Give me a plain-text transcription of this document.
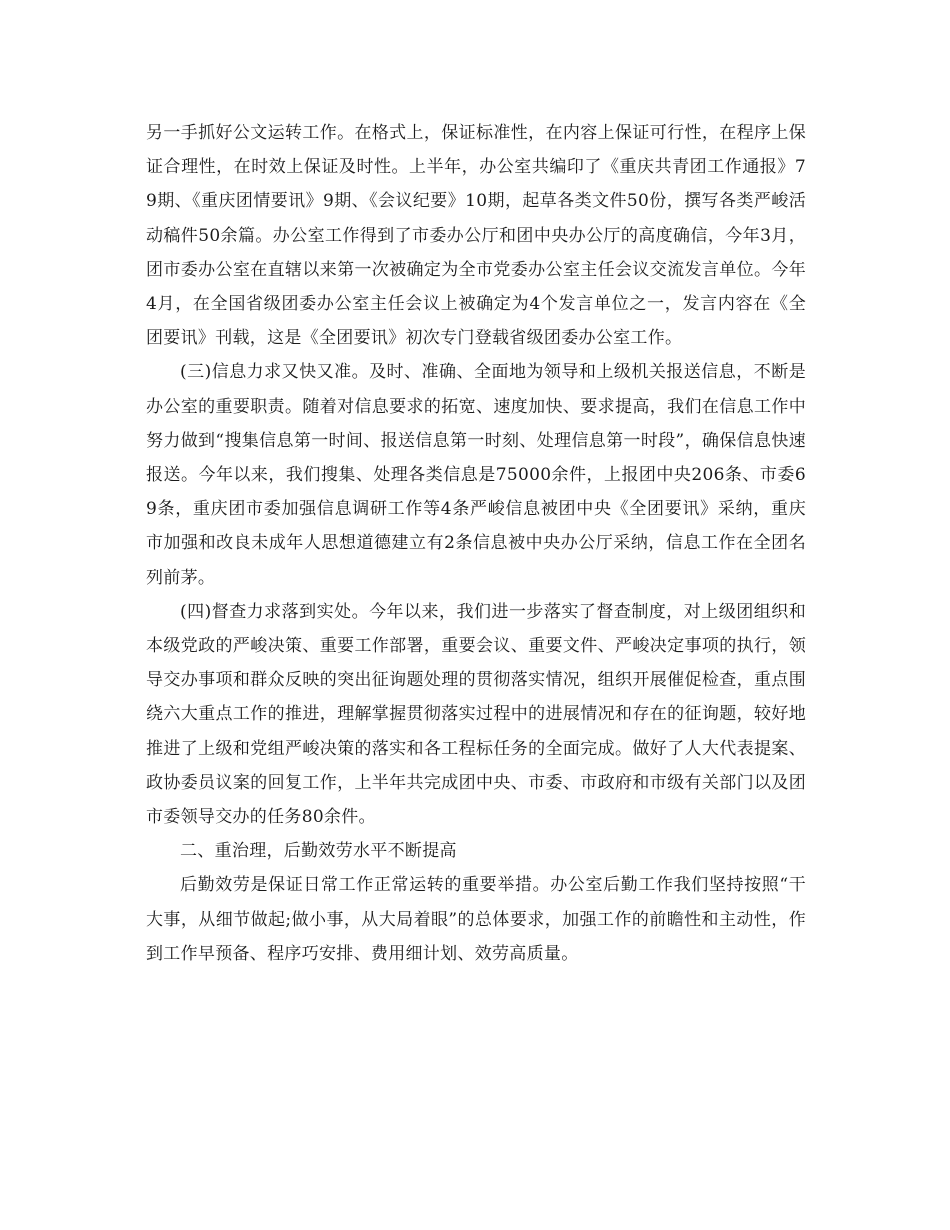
另一手抓好公文运转工作。在格式上，保证标准性，在内容上保证可行性，在程序上保证合理性，在时效上保证及时性。上半年，办公室共编印了《重庆共青团工作通报》79期、《重庆团情要讯》9期、《会议纪要》10期，起草各类文件50份，撰写各类严峻活动稿件50余篇。办公室工作得到了市委办公厅和团中央办公厅的高度确信，今年3月，团市委办公室在直辖以来第一次被确定为全市党委办公室主任会议交流发言单位。今年4月，在全国省级团委办公室主任会议上被确定为4个发言单位之一，发言内容在《全团要讯》刊载，这是《全团要讯》初次专门登载省级团委办公室工作。

(三)信息力求又快又准。及时、准确、全面地为领导和上级机关报送信息，不断是办公室的重要职责。随着对信息要求的拓宽、速度加快、要求提高，我们在信息工作中努力做到“搜集信息第一时间、报送信息第一时刻、处理信息第一时段”，确保信息快速报送。今年以来，我们搜集、处理各类信息是75000余件，上报团中央206条、市委69条，重庆团市委加强信息调研工作等4条严峻信息被团中央《全团要讯》采纳，重庆市加强和改良未成年人思想道德建立有2条信息被中央办公厅采纳，信息工作在全团名列前茅。

(四)督查力求落到实处。今年以来，我们进一步落实了督查制度，对上级团组织和本级党政的严峻决策、重要工作部署，重要会议、重要文件、严峻决定事项的执行，领导交办事项和群众反映的突出征询题处理的贯彻落实情况，组织开展催促检查，重点围绕六大重点工作的推进，理解掌握贯彻落实过程中的进展情况和存在的征询题，较好地推进了上级和党组严峻决策的落实和各工程标任务的全面完成。做好了人大代表提案、政协委员议案的回复工作，上半年共完成团中央、市委、市政府和市级有关部门以及团市委领导交办的任务80余件。

二、重治理，后勤效劳水平不断提高

后勤效劳是保证日常工作正常运转的重要举措。办公室后勤工作我们坚持按照“干大事，从细节做起;做小事，从大局着眼”的总体要求，加强工作的前瞻性和主动性，作到工作早预备、程序巧安排、费用细计划、效劳高质量。
